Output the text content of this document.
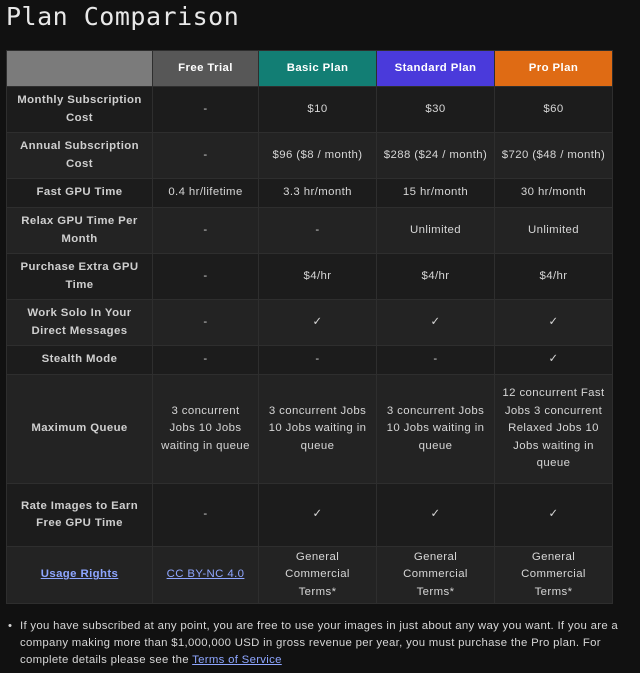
Plan Comparison
	Free Trial	Basic Plan	Standard Plan	Pro Plan
Monthly Subscription Cost	-	$10	$30	$60
Annual Subscription Cost	-	$96 ($8 / month)	$288 ($24 / month)	$720 ($48 / month)
Fast GPU Time	0.4 hr/lifetime	3.3 hr/month	15 hr/month	30 hr/month
Relax GPU Time Per Month	-	-	Unlimited	Unlimited
Purchase Extra GPU Time	-	$4/hr	$4/hr	$4/hr
Work Solo In Your Direct Messages	-	✓	✓	✓
Stealth Mode	-	-	-	✓
Maximum Queue	3 concurrent Jobs 10 Jobs waiting in queue	3 concurrent Jobs 10 Jobs waiting in queue	3 concurrent Jobs 10 Jobs waiting in queue	12 concurrent Fast Jobs 3 concurrent Relaxed Jobs 10 Jobs waiting in queue
Rate Images to Earn Free GPU Time	-	✓	✓	✓
Usage Rights	CC BY-NC 4.0	General Commercial Terms*	General Commercial Terms*	General Commercial Terms*
• If you have subscribed at any point, you are free to use your images in just about any way you want. If you are a company making more than $1,000,000 USD in gross revenue per year, you must purchase the Pro plan. For complete details please see the Terms of Service
